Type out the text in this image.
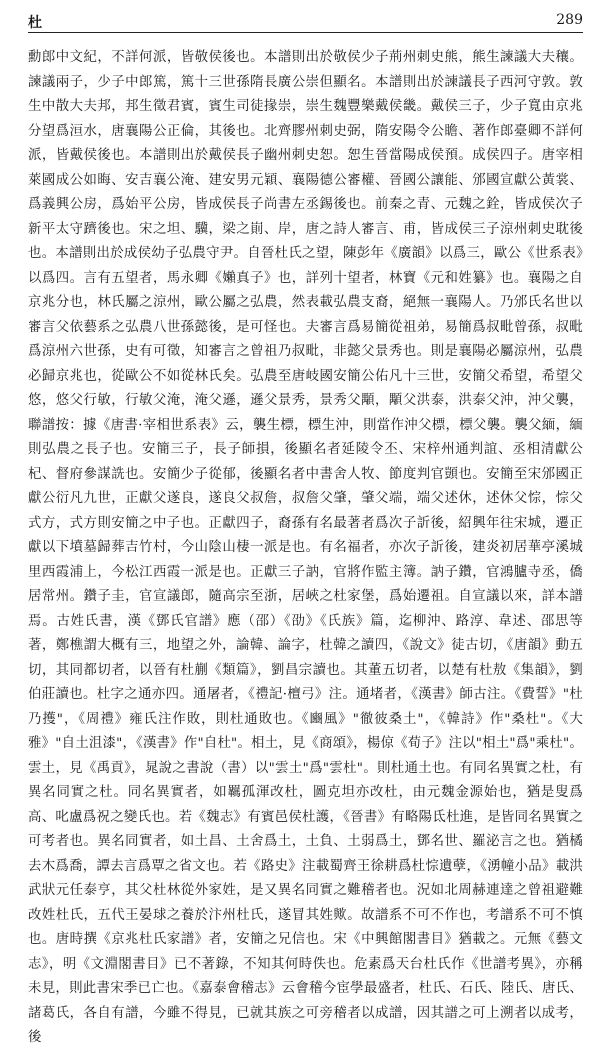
杜	289

勳郎中文紀，不詳何派，皆敬侯後也。本譜則出於敬侯少子荊州刺史熊，熊生諫議大夫穰。諫議兩子，少子中郎篤，篤十三世孫隋長廣公崇但顯名。本譜則出於諫議長子西河守敦。敦生中散大夫邦，邦生徵君賓，賓生司徒掾崇，崇生魏豐樂戴侯畿。戴侯三子，少子寬由京兆分望爲洹水，唐襄陽公正倫，其後也。北齊膠州刺史弼，隋安陽令公瞻、著作郎臺卿不詳何派，皆戴侯後也。本譜則出於戴侯長子幽州刺史恕。恕生晉當陽成侯預。成侯四子。唐宰相萊國成公如晦、安吉襄公淹、建安男元穎、襄陽德公審權、晉國公讓能、邠國宣獻公黃裳、爲義興公房，爲始平公房，皆成侯長子尚書左丞錫後也。前秦之青、元魏之銓，皆成侯次子新平太守躋後也。宋之坦、驥，梁之崱、岸，唐之詩人審言、甫，皆成侯三子涼州刺史耽後也。本譜則出於成侯幼子弘農守尹。自晉杜氏之望，陳彭年《廣韻》以爲三，歐公《世系表》以爲四。言有五望者，馬永卿《嬾真子》也，詳列十望者，林寶《元和姓纂》也。襄陽之自京兆分也，林氏屬之涼州，歐公屬之弘農，然表載弘農支裔，絕無一襄陽人。乃邠氏名世以審言父依藝系之弘農八世孫懿後，是可怪也。夫審言爲易簡從祖弟，易簡爲叔毗曾孫，叔毗爲涼州六世孫，史有可徵，知審言之曾祖乃叔毗，非懿父景秀也。則是襄陽必屬涼州，弘農必歸京兆也，從歐公不如從林氏矣。弘農至唐岐國安簡公佑凡十三世，安簡父希望，希望父悠，悠父行敏，行敏父淹，淹父遜，遜父景秀，景秀父顒，顒父洪泰，洪泰父沖，沖父襲，聯譜按：據《唐書·宰相世系表》云，襲生標，標生沖，則當作沖父標，標父襲。襲父緬，緬則弘農之長子也。安簡三子，長子師損，後顯名者延陵令丕、宋梓州通判誼、丞相清獻公杞、督府參謀詵也。安簡少子從郁，後顯名者中書舍人牧、節度判官顗也。安簡至宋邠國正獻公衍凡九世，正獻父遂良，遂良父叔詹，叔詹父肇，肇父端，端父述休，述休父悰，悰父式方，式方則安簡之中子也。正獻四子，裔孫有名最著者爲次子訢後，紹興年往宋城，遷正獻以下墳墓歸葬吉竹村，今山陰山棲一派是也。有名福者，亦次子訢後，建炎初居華亭溪城里西霞浦上，今松江西霞一派是也。正獻三子訥，官將作監主簿。訥子鑽，官鴻臚寺丞，僑居常州。鑽子圭，官宣議郎，隨高宗至浙，居峽之杜家堡，爲始遷祖。自宣議以來，詳本譜焉。古姓氏書，漢《鄧氏官譜》應（邵）《劭》《氏族》篇，迄柳沖、路淳、韋述、邵思等著，鄭樵謂大概有三，地望之外，論韓、論字，杜韓之讀四，《說文》徒古切，《唐韻》動五切，其同都切者，以晉有杜蒯《類篇》，劉昌宗讀也。其董五切者，以楚有杜敖《集韻》，劉伯莊讀也。杜字之通亦四。通屠者，《禮記·檀弓》注。通堵者，《漢書》師古注。《費誓》"杜乃擭"，《周禮》雍氏注作敗，則杜通敗也。《豳風》"徹彼桑土"，《韓詩》作"桑杜"。《大雅》"自土沮漆"，《漢書》作"自杜"。相土，見《商頌》，楊倞《荀子》注以"相土"爲"乘杜"。雲土，見《禹貢》，晁說之書說（書）以"雲土"爲"雲杜"。則杜通土也。有同名異實之杜，有異名同實之杜。同名異實者，如羈孤渾改杜，圖克坦亦改杜，由元魏金源始也，猶是叟爲高、叱盧爲祝之變氏也。若《魏志》有賓邑侯杜護，《晉書》有略陽氐杜進，是皆同名異實之可考者也。異名同實者，如土昌、土舍爲土，土負、土弱爲土，鄧名世、羅泌言之也。猶橘去木爲喬，譚去言爲覃之省文也。若《路史》注載蜀齊王徐耕爲杜悰遺孽，《湧幢小品》載洪武狀元任泰亨，其父杜林從外家姓，是又異名同實之難稽者也。況如北周赫連達之曾祖避難改姓杜氏，五代王晏球之養於汴州杜氏，遂冒其姓歟。故譜系不可不作也，考譜系不可不慎也。唐時撰《京兆杜氏家譜》者，安簡之兄信也。宋《中興館閣書目》猶載之。元無《藝文志》，明《文淵閣書目》已不著錄，不知其何時佚也。危素爲天台杜氏作《世譜考異》，亦稱未見，則此書宋季已亡也。《嘉泰會稽志》云會稽今宦學最盛者，杜氏、石氏、陸氏、唐氏、諸葛氏，各自有譜，今雖不得見，已就其族之可旁稽者以成譜，因其譜之可上溯者以成考，後
